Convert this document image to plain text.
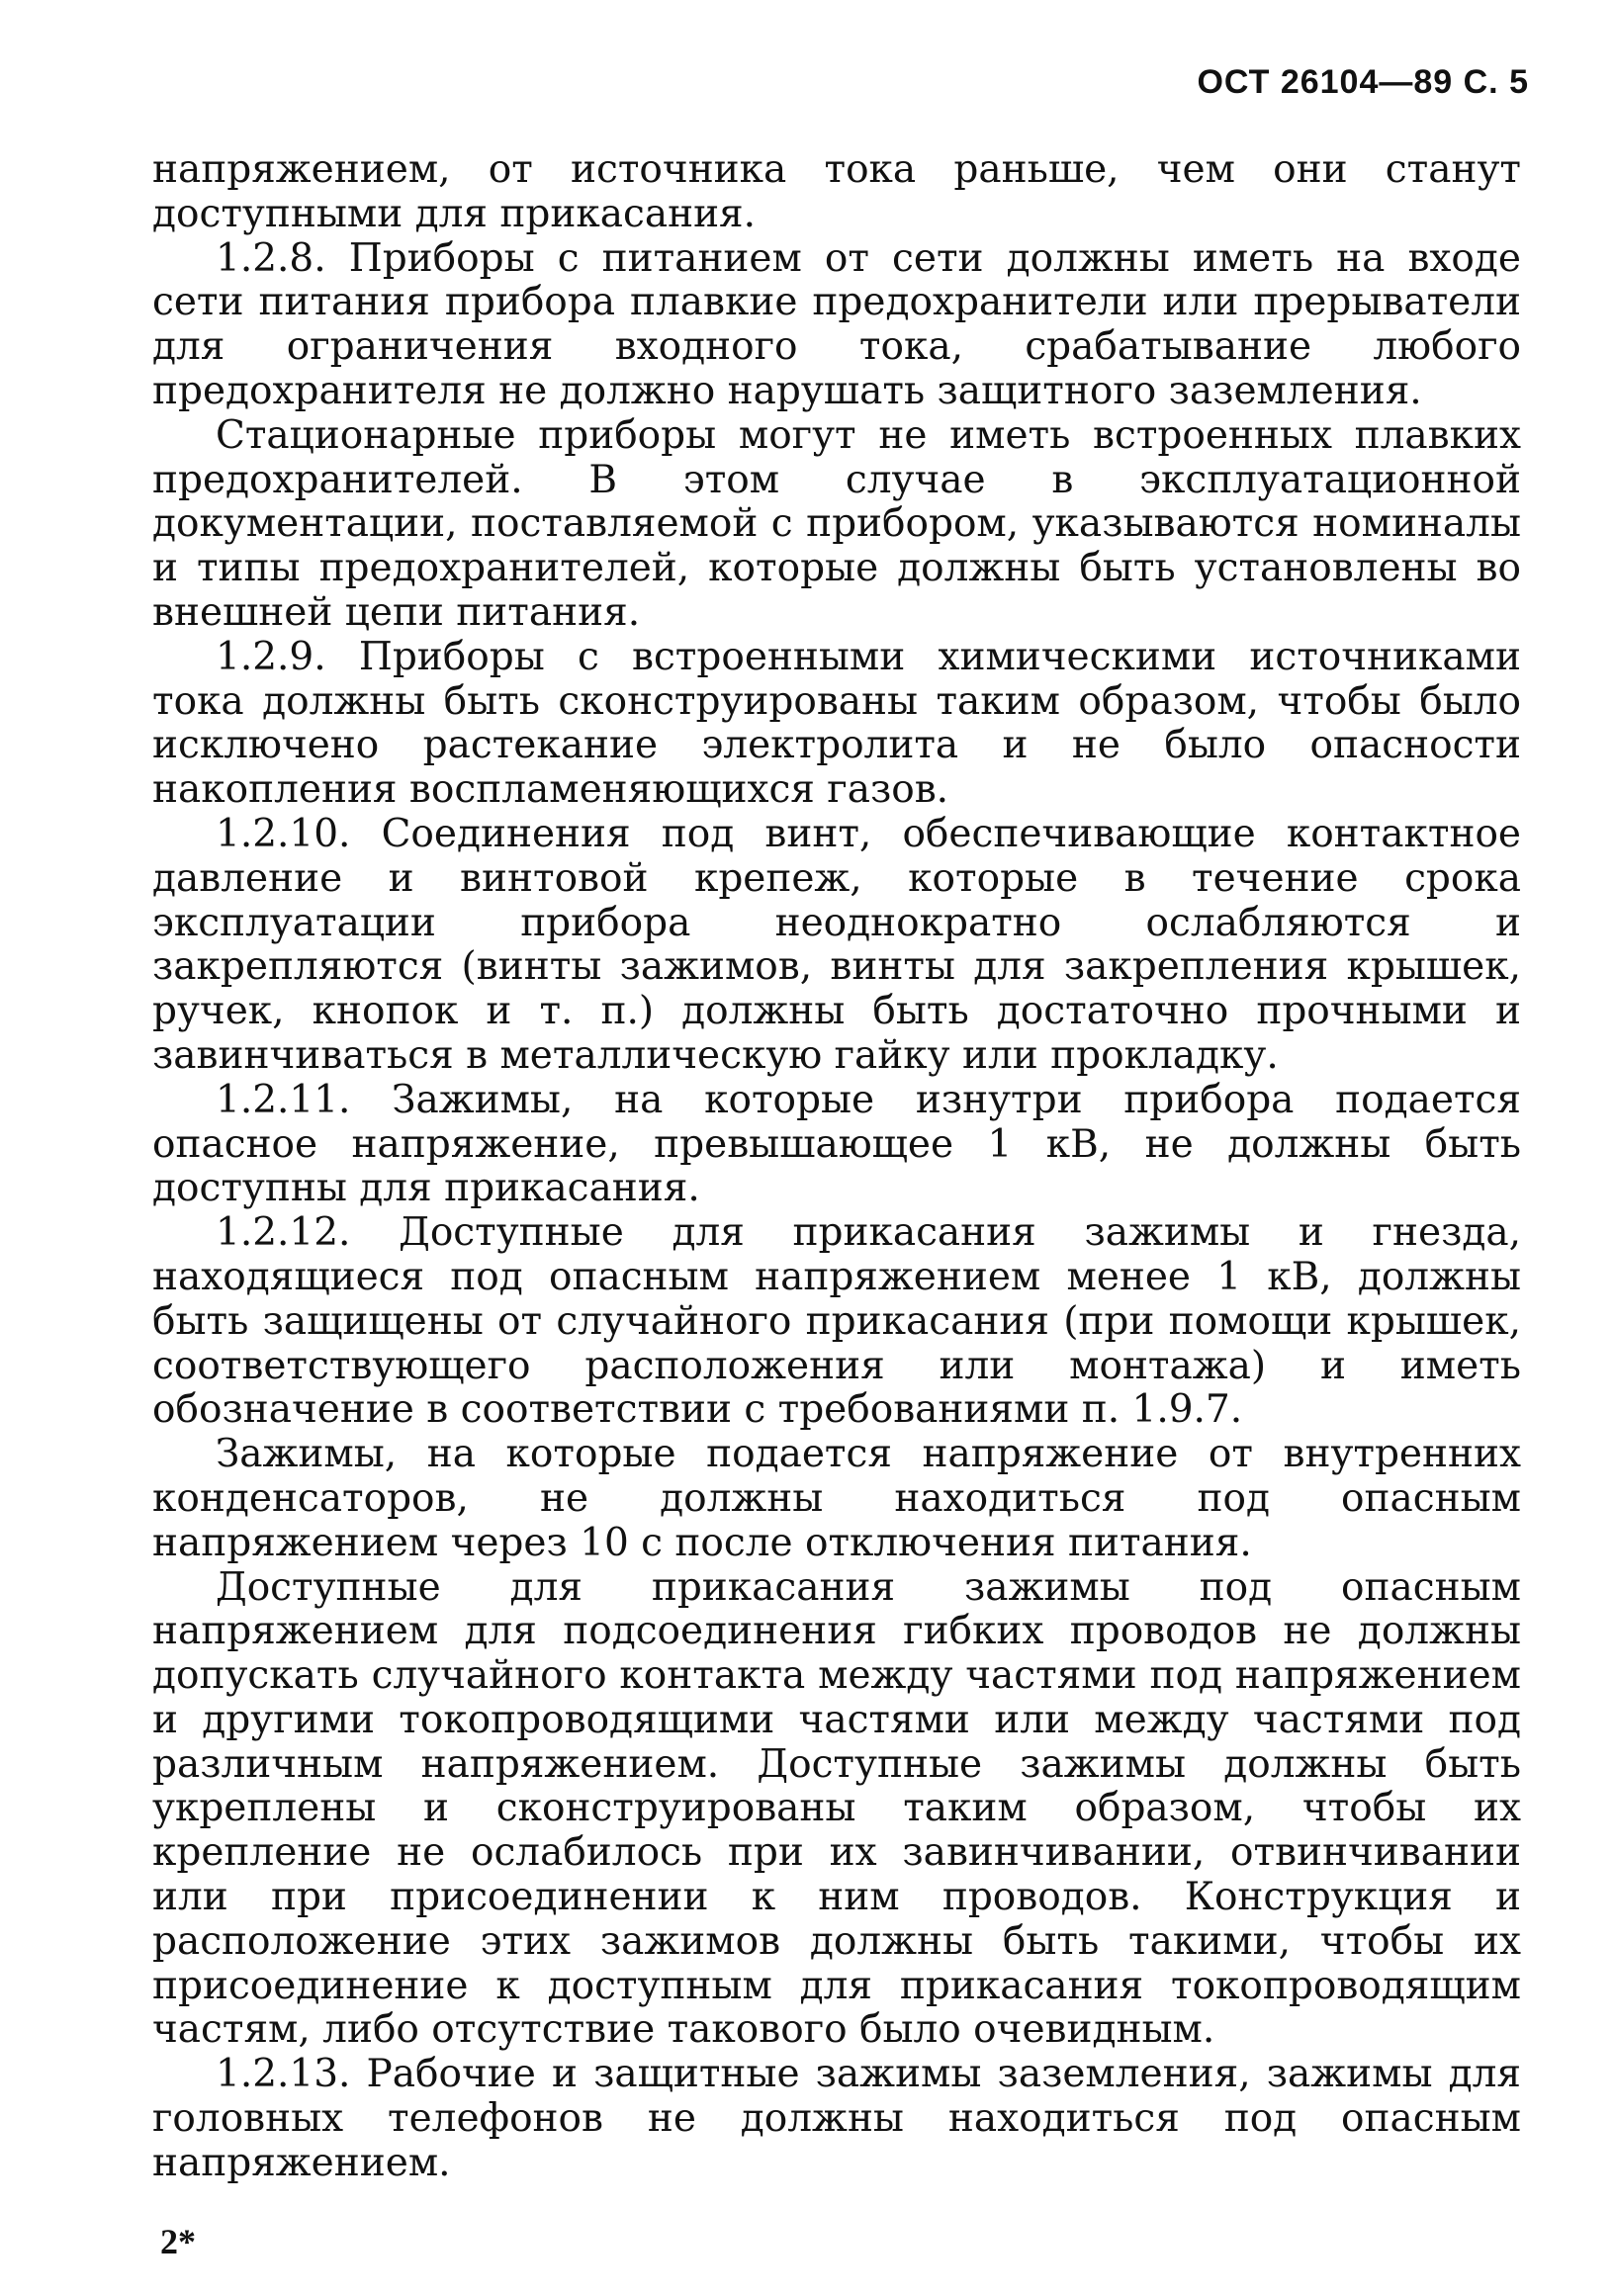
ОСТ 26104—89 С. 5

напряжением, от источника тока раньше, чем они станут доступными для прикасания.

1.2.8. Приборы с питанием от сети должны иметь на входе сети питания прибора плавкие предохранители или прерыватели для ограничения входного тока, срабатывание любого предохранителя не должно нарушать защитного заземления.

Стационарные приборы могут не иметь встроенных плавких предохранителей. В этом случае в эксплуатационной документации, поставляемой с прибором, указываются номиналы и типы предохранителей, которые должны быть установлены во внешней цепи питания.

1.2.9. Приборы с встроенными химическими источниками тока должны быть сконструированы таким образом, чтобы было исключено растекание электролита и не было опасности накопления воспламеняющихся газов.

1.2.10. Соединения под винт, обеспечивающие контактное давление и винтовой крепеж, которые в течение срока эксплуатации прибора неоднократно ослабляются и закрепляются (винты зажимов, винты для закрепления крышек, ручек, кнопок и т. п.) должны быть достаточно прочными и завинчиваться в металлическую гайку или прокладку.

1.2.11. Зажимы, на которые изнутри прибора подается опасное напряжение, превышающее 1 кВ, не должны быть доступны для прикасания.

1.2.12. Доступные для прикасания зажимы и гнезда, находящиеся под опасным напряжением менее 1 кВ, должны быть защищены от случайного прикасания (при помощи крышек, соответствующего расположения или монтажа) и иметь обозначение в соответствии с требованиями п. 1.9.7.

Зажимы, на которые подается напряжение от внутренних конденсаторов, не должны находиться под опасным напряжением через 10 с после отключения питания.

Доступные для прикасания зажимы под опасным напряжением для подсоединения гибких проводов не должны допускать случайного контакта между частями под напряжением и другими токопроводящими частями или между частями под различным напряжением. Доступные зажимы должны быть укреплены и сконструированы таким образом, чтобы их крепление не ослабилось при их завинчивании, отвинчивании или при присоединении к ним проводов. Конструкция и расположение этих зажимов должны быть такими, чтобы их присоединение к доступным для прикасания токопроводящим частям, либо отсутствие такового было очевидным.

1.2.13. Рабочие и защитные зажимы заземления, зажимы для головных телефонов не должны находиться под опасным напряжением.

2*
